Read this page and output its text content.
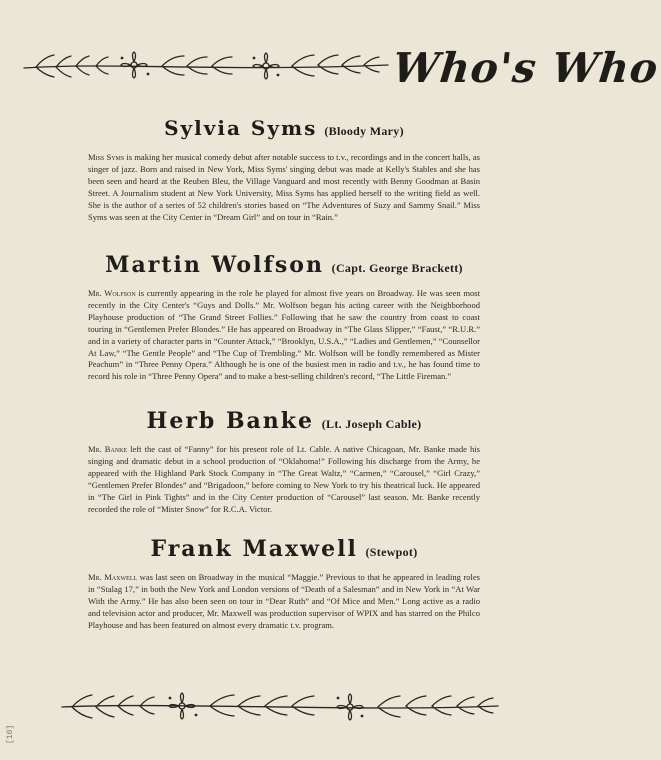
Who's Who

Sylvia Syms (Bloody Mary)

Miss Syms is making her musical comedy debut after notable success to t.v., recordings and in the concert halls, as singer of jazz. Born and raised in New York, Miss Syms' singing debut was made at Kelly's Stables and she has been seen and heard at the Reuben Bleu, the Village Vanguard and most recently with Benny Goodman at Basin Street. A Journalism student at New York University, Miss Syms has applied herself to the writing field as well. She is the author of a series of 52 children's stories based on “The Adventures of Suzy and Sammy Snail.” Miss Syms was seen at the City Center in “Dream Girl” and on tour in “Rain.”

Martin Wolfson (Capt. George Brackett)

Mr. Wolfson is currently appearing in the role he played for almost five years on Broadway. He was seen most recently in the City Center's “Guys and Dolls.” Mr. Wolfson began his acting career with the Neighborhood Playhouse production of “The Grand Street Follies.” Following that he saw the country from coast to coast touring in “Gentlemen Prefer Blondes.” He has appeared on Broadway in “The Glass Slipper,” “Faust,” “R.U.R.” and in a variety of character parts in “Counter Attack,” “Brooklyn, U.S.A.,” “Ladies and Gentlemen,” “Counsellor At Law,” “The Gentle People” and “The Cup of Trembling.” Mr. Wolfson will be fondly remembered as Mister Peachum” in “Three Penny Opera.” Although he is one of the busiest men in radio and t.v., he has found time to record his role in “Three Penny Opera” and to make a best-selling children's record, “The Little Fireman.”

Herb Banke (Lt. Joseph Cable)

Mr. Banke left the cast of “Fanny” for his present role of Lt. Cable. A native Chicagoan, Mr. Banke made his singing and dramatic debut in a school production of “Oklahoma!” Following his discharge from the Army, he appeared with the Highland Park Stock Company in “The Great Waltz,” “Carmen,” “Carousel,” “Girl Crazy,” “Gentlemen Prefer Blondes” and “Brigadoon,” before coming to New York to try his theatrical luck. He appeared in “The Girl in Pink Tights” and in the City Center production of “Carousel” last season. Mr. Banke recently recorded the role of “Mister Snow” for R.C.A. Victor.

Frank Maxwell (Stewpot)

Mr. Maxwell was last seen on Broadway in the musical “Maggie.” Previous to that he appeared in leading roles in “Stalag 17,” in both the New York and London versions of “Death of a Salesman” and in New York in “At War With the Army.” He has also been seen on tour in “Dear Ruth” and “Of Mice and Men.” Long active as a radio and television actor and producer, Mr. Maxwell was production supervisor of WPIX and has starred on the Philco Playhouse and has been featured on almost every dramatic t.v. program.

[10]
